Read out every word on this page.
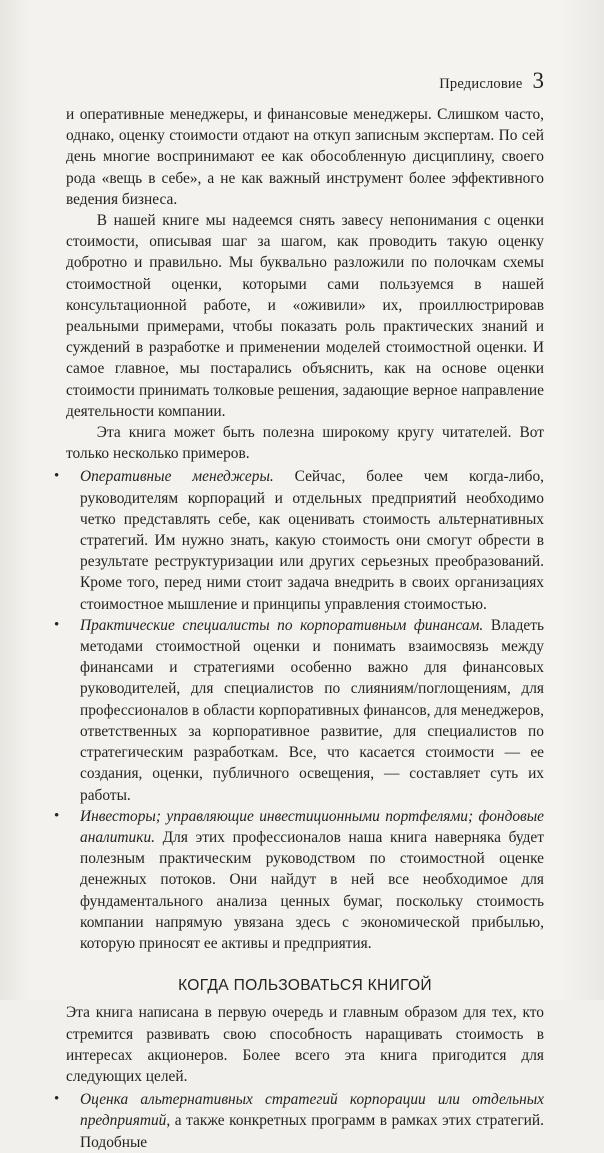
Предисловие 3

и оперативные менеджеры, и финансовые менеджеры. Слишком часто, однако, оценку стоимости отдают на откуп записным экспертам. По сей день многие воспринимают ее как обособленную дисциплину, своего рода «вещь в себе», а не как важный инструмент более эффективного ведения бизнеса.

В нашей книге мы надеемся снять завесу непонимания с оценки стоимости, описывая шаг за шагом, как проводить такую оценку добротно и правильно. Мы буквально разложили по полочкам схемы стоимостной оценки, которыми сами пользуемся в нашей консультационной работе, и «оживили» их, проиллюстрировав реальными примерами, чтобы показать роль практических знаний и суждений в разработке и применении моделей стоимостной оценки. И самое главное, мы постарались объяснить, как на основе оценки стоимости принимать толковые решения, задающие верное направление деятельности компании.

Эта книга может быть полезна широкому кругу читателей. Вот только несколько примеров.

• Оперативные менеджеры. Сейчас, более чем когда-либо, руководителям корпораций и отдельных предприятий необходимо четко представлять себе, как оценивать стоимость альтернативных стратегий. Им нужно знать, какую стоимость они смогут обрести в результате реструктуризации или других серьезных преобразований. Кроме того, перед ними стоит задача внедрить в своих организациях стоимостное мышление и принципы управления стоимостью.
• Практические специалисты по корпоративным финансам. Владеть методами стоимостной оценки и понимать взаимосвязь между финансами и стратегиями особенно важно для финансовых руководителей, для специалистов по слияниям/поглощениям, для профессионалов в области корпоративных финансов, для менеджеров, ответственных за корпоративное развитие, для специалистов по стратегическим разработкам. Все, что касается стоимости — ее создания, оценки, публичного освещения, — составляет суть их работы.
• Инвесторы; управляющие инвестиционными портфелями; фондовые аналитики. Для этих профессионалов наша книга наверняка будет полезным практическим руководством по стоимостной оценке денежных потоков. Они найдут в ней все необходимое для фундаментального анализа ценных бумаг, поскольку стоимость компании напрямую увязана здесь с экономической прибылью, которую приносят ее активы и предприятия.
КОГДА ПОЛЬЗОВАТЬСЯ КНИГОЙ

Эта книга написана в первую очередь и главным образом для тех, кто стремится развивать свою способность наращивать стоимость в интересах акционеров. Более всего эта книга пригодится для следующих целей.

• Оценка альтернативных стратегий корпорации или отдельных предприятий, а также конкретных программ в рамках этих стратегий. Подобные
